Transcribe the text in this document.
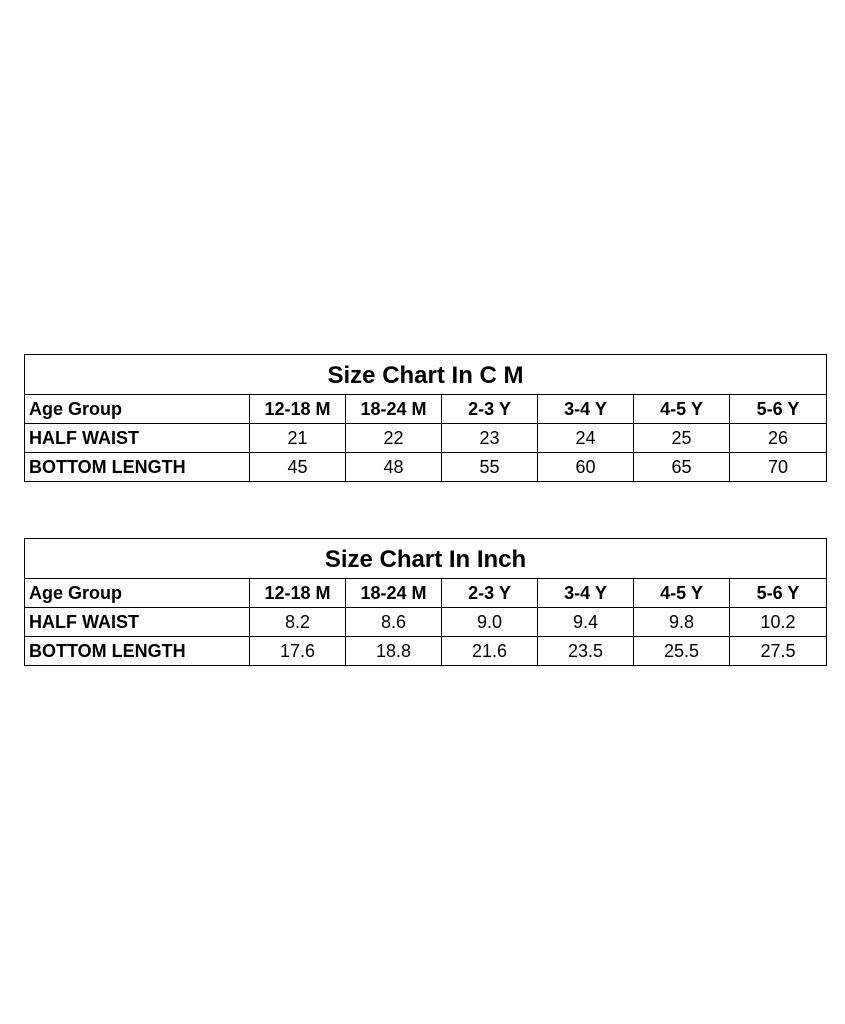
Size Chart In C M						
Age Group	12-18 M	18-24 M	2-3 Y	3-4 Y	4-5 Y	5-6 Y
HALF WAIST	21	22	23	24	25	26
BOTTOM LENGTH	45	48	55	60	65	70
Size Chart In Inch						
Age Group	12-18 M	18-24 M	2-3 Y	3-4 Y	4-5 Y	5-6 Y
HALF WAIST	8.2	8.6	9.0	9.4	9.8	10.2
BOTTOM LENGTH	17.6	18.8	21.6	23.5	25.5	27.5
